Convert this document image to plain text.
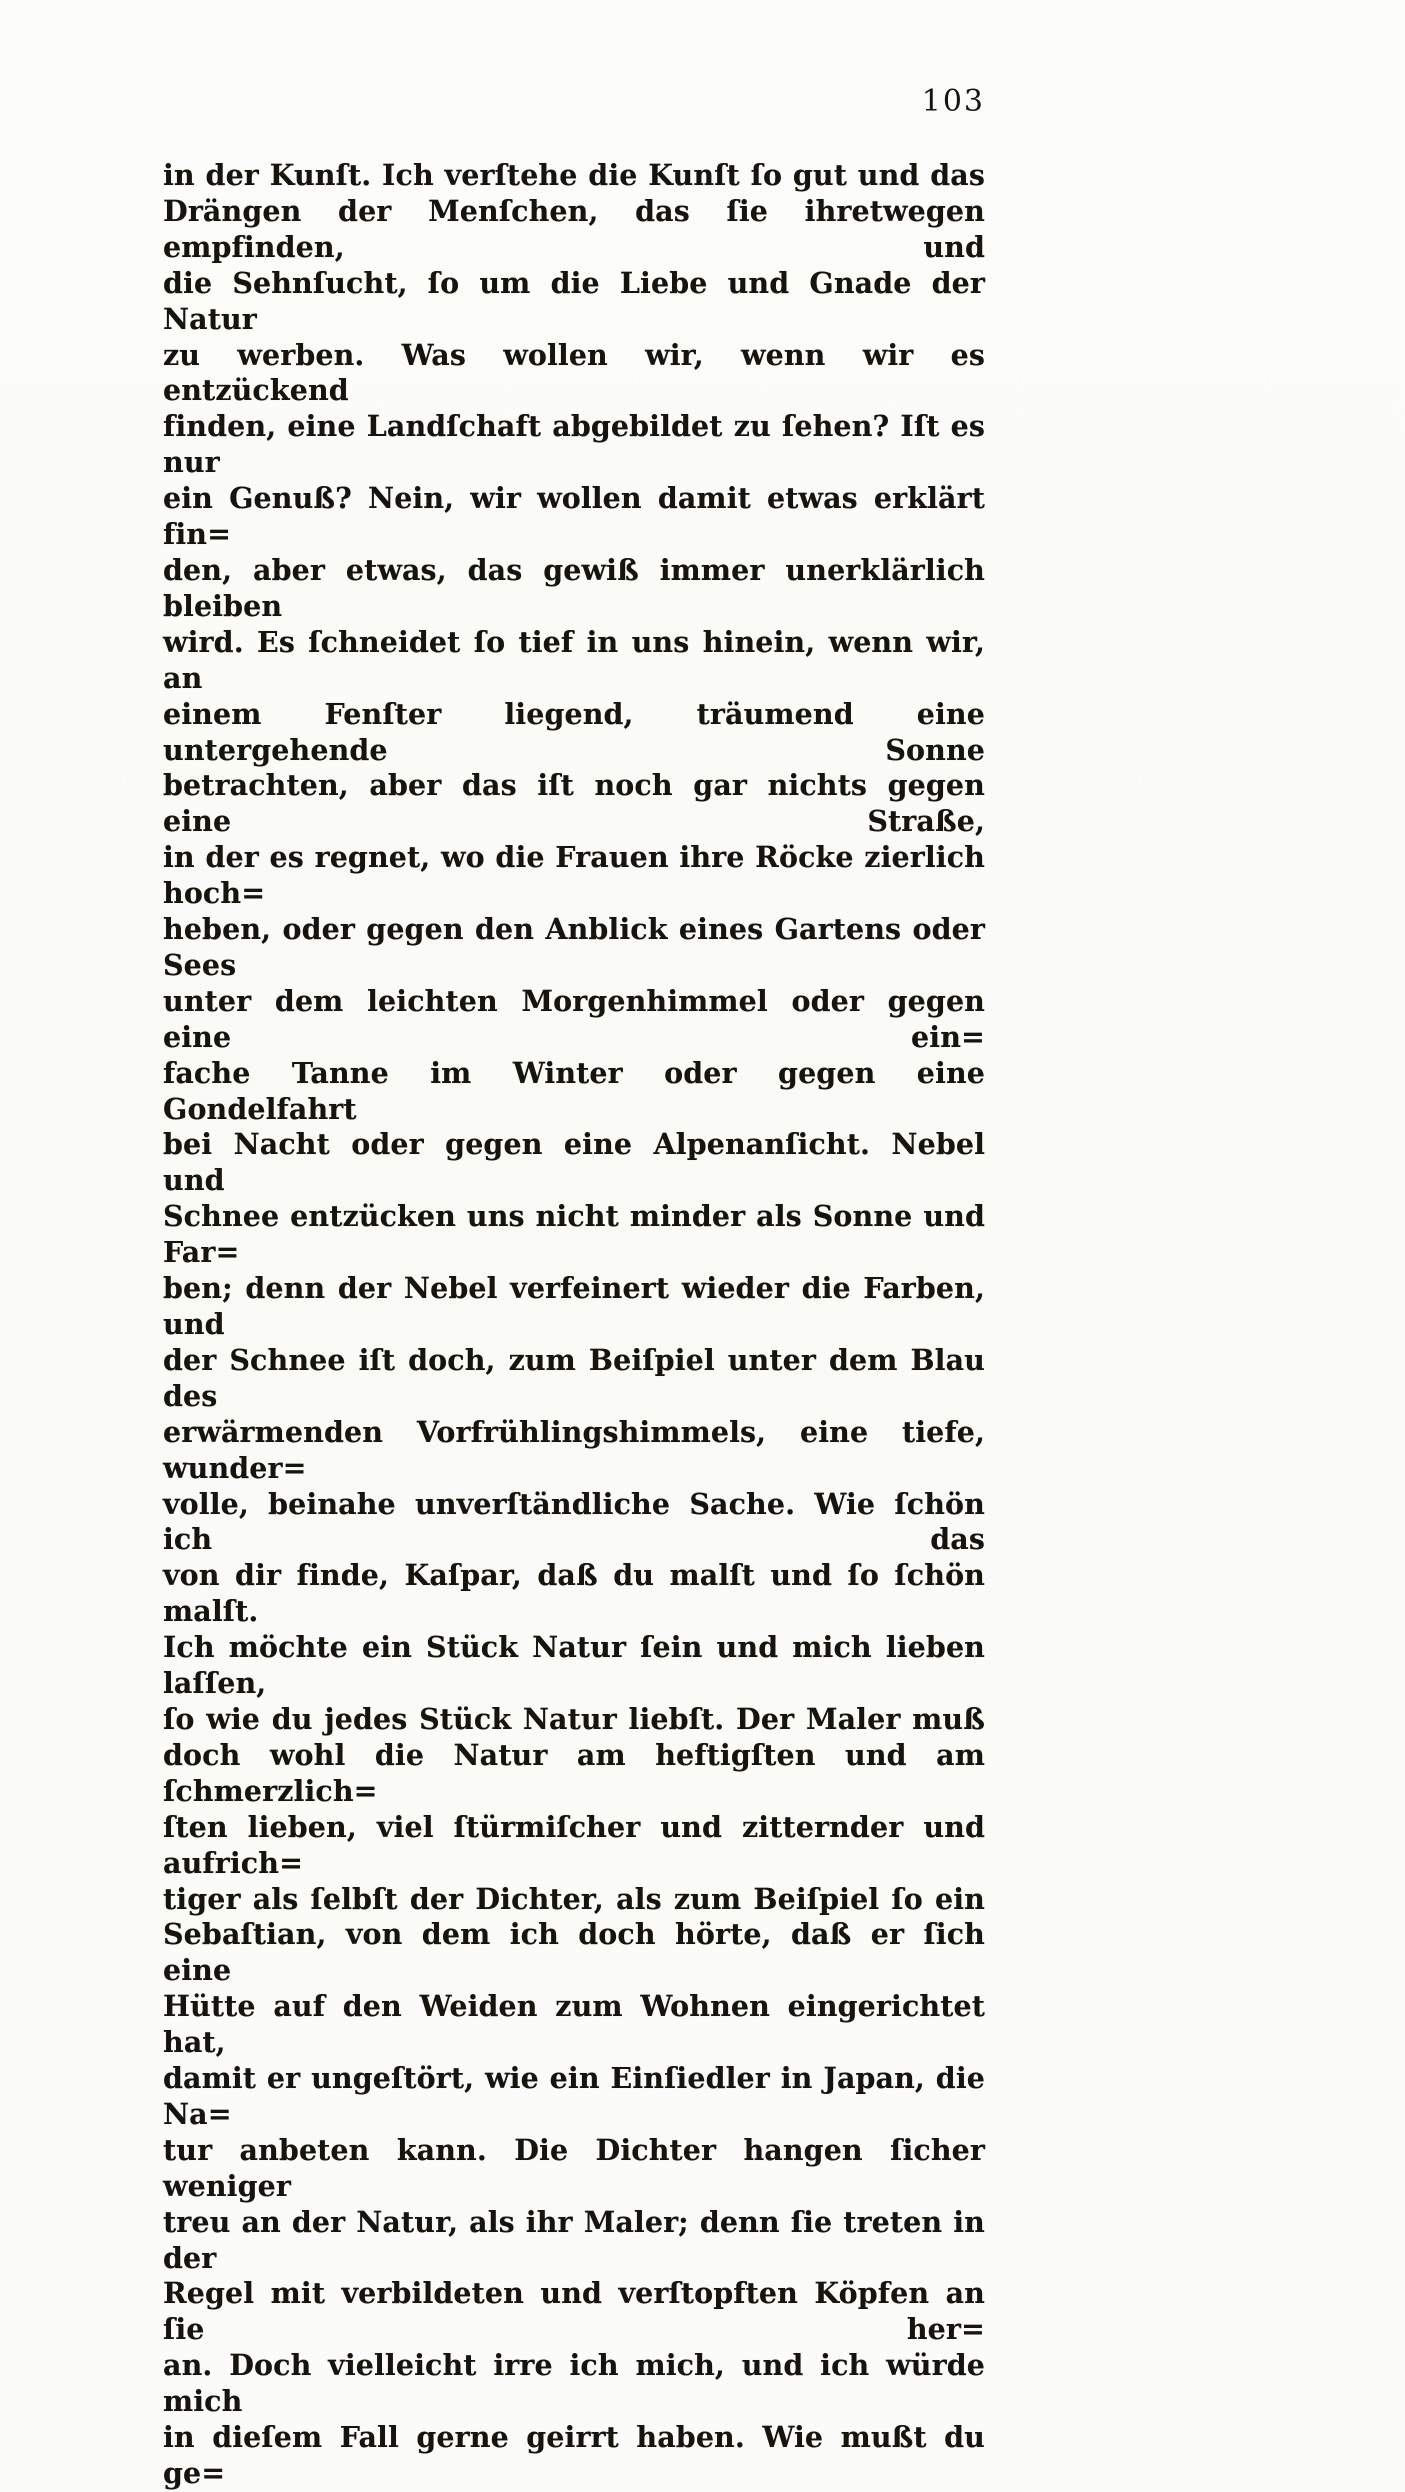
103
in der Kunſt. Ich verſtehe die Kunſt ſo gut und das
Drängen der Menſchen, das ſie ihretwegen empfinden, und
die Sehnſucht, ſo um die Liebe und Gnade der Natur
zu werben. Was wollen wir, wenn wir es entzückend
finden, eine Landſchaft abgebildet zu ſehen? Iſt es nur
ein Genuß? Nein, wir wollen damit etwas erklärt fin=
den, aber etwas, das gewiß immer unerklärlich bleiben
wird. Es ſchneidet ſo tief in uns hinein, wenn wir, an
einem Fenſter liegend, träumend eine untergehende Sonne
betrachten, aber das iſt noch gar nichts gegen eine Straße,
in der es regnet, wo die Frauen ihre Röcke zierlich hoch=
heben, oder gegen den Anblick eines Gartens oder Sees
unter dem leichten Morgenhimmel oder gegen eine ein=
fache Tanne im Winter oder gegen eine Gondelfahrt
bei Nacht oder gegen eine Alpenanſicht. Nebel und
Schnee entzücken uns nicht minder als Sonne und Far=
ben; denn der Nebel verfeinert wieder die Farben, und
der Schnee iſt doch, zum Beiſpiel unter dem Blau des
erwärmenden Vorfrühlingshimmels, eine tiefe, wunder=
volle, beinahe unverſtändliche Sache. Wie ſchön ich das
von dir finde, Kaſpar, daß du malſt und ſo ſchön malſt.
Ich möchte ein Stück Natur ſein und mich lieben laſſen,
ſo wie du jedes Stück Natur liebſt. Der Maler muß
doch wohl die Natur am heftigſten und am ſchmerzlich=
ſten lieben, viel ſtürmiſcher und zitternder und aufrich=
tiger als ſelbſt der Dichter, als zum Beiſpiel ſo ein
Sebaſtian, von dem ich doch hörte, daß er ſich eine
Hütte auf den Weiden zum Wohnen eingerichtet hat,
damit er ungeſtört, wie ein Einſiedler in Japan, die Na=
tur anbeten kann. Die Dichter hangen ſicher weniger
treu an der Natur, als ihr Maler; denn ſie treten in der
Regel mit verbildeten und verſtopften Köpfen an ſie her=
an. Doch vielleicht irre ich mich, und ich würde mich
in dieſem Fall gerne geirrt haben. Wie mußt du ge=
